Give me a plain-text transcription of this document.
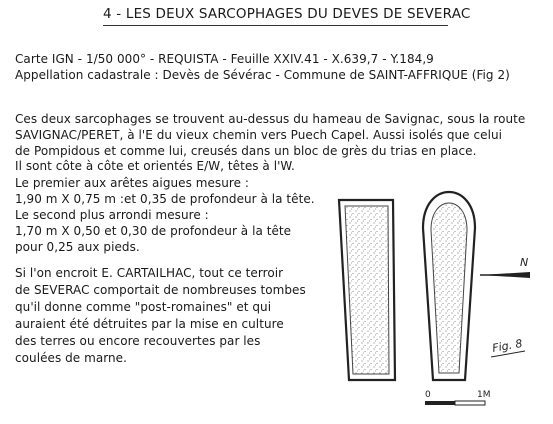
4 - LES DEUX SARCOPHAGES DU DEVES DE SEVERAC
Carte IGN - 1/50 000° - REQUISTA - Feuille XXIV.41 - X.639,7 - Y.184,9
Appellation cadastrale : Devès de Sévérac - Commune de SAINT-AFFRIQUE (Fig 2)
Ces deux sarcophages se trouvent au-dessus du hameau de Savignac, sous la route
SAVIGNAC/PERET, à l'E du vieux chemin vers Puech Capel. Aussi isolés que celui
de Pompidous et comme lui, creusés dans un bloc de grès du trias en place.
Il sont côte à côte et orientés E/W, têtes à l'W.
Le premier aux arêtes aigues mesure :
1,90 m X 0,75 m :et 0,35 de profondeur à la tête.
Le second plus arrondi mesure :
1,70 m X 0,50 et 0,30 de profondeur à la tête
pour 0,25 aux pieds.
Si l'on encroit E. CARTAILHAC, tout ce terroir
de SEVERAC comportait de nombreuses tombes
qu'il donne comme "post-romaines" et qui
auraient été détruites par la mise en culture
des terres ou encore recouvertes par les
coulées de marne.
N
Fig. 8
0	1M
